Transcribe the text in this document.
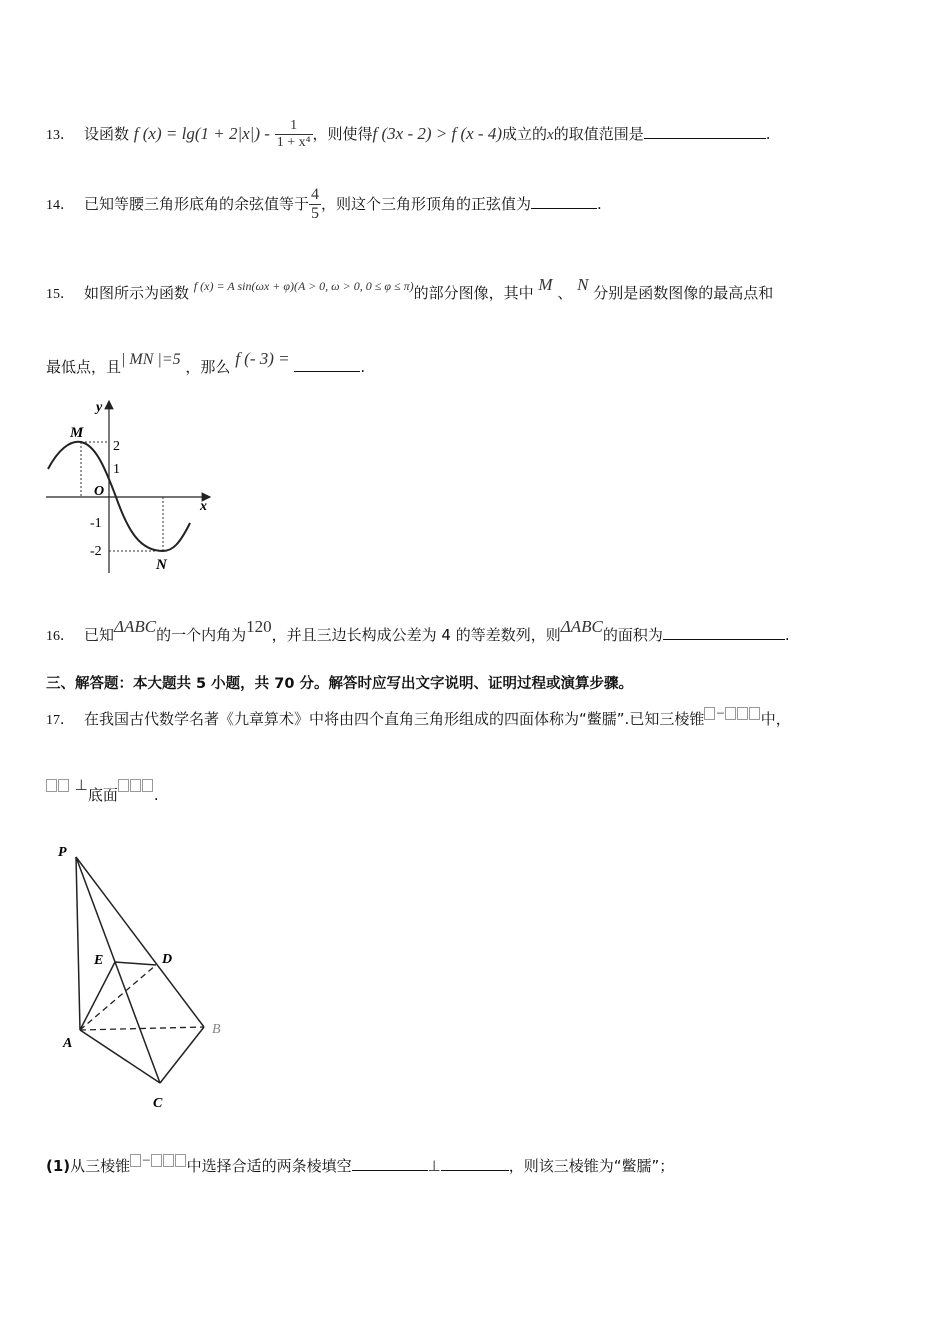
13． 设函数 f $(x) = \lg(1 + 2|x|) - \frac{1}{\text{1 + x⁴}}$ ，则使得f (3x - 2) > f (x - 4)成立的x的取值范围是	.
14． 已知等腰三角形底角的余弦值等于 $\frac{4}{5}$ ，则这个三角形顶角的正弦值为	.
15． 如图所示为函数 $^{f (x) = A sin(\omega x + \varphi)(A > 0, \omega > 0, 0 \le \varphi \le \pi)}$的部分图像，其中 M 、 N 分别是函数图像的最高点和
最低点，且| MN |=5 ，那么 f (- 3) =	.
y
x
M
N
O
2
1
-1
-2
16． 已知ΔABC的一个内角为120，并且三边长构成公差为 4 的等差数列，则ΔABC的面积为	.
三、解答题：本大题共 5 小题，共 70 分。解答时应写出文字说明、证明过程或演算步骤。
17． 在我国古代数学名著《九章算术》中将由四个直角三角形组成的四面体称为“鳖臑”.已知三棱锥 − 中，
⊥底面 .
P
E	D
A
B
C
(1)从三棱锥 − 中选择合适的两条棱填空	⊥	，则该三棱锥为“鳖臑”；
